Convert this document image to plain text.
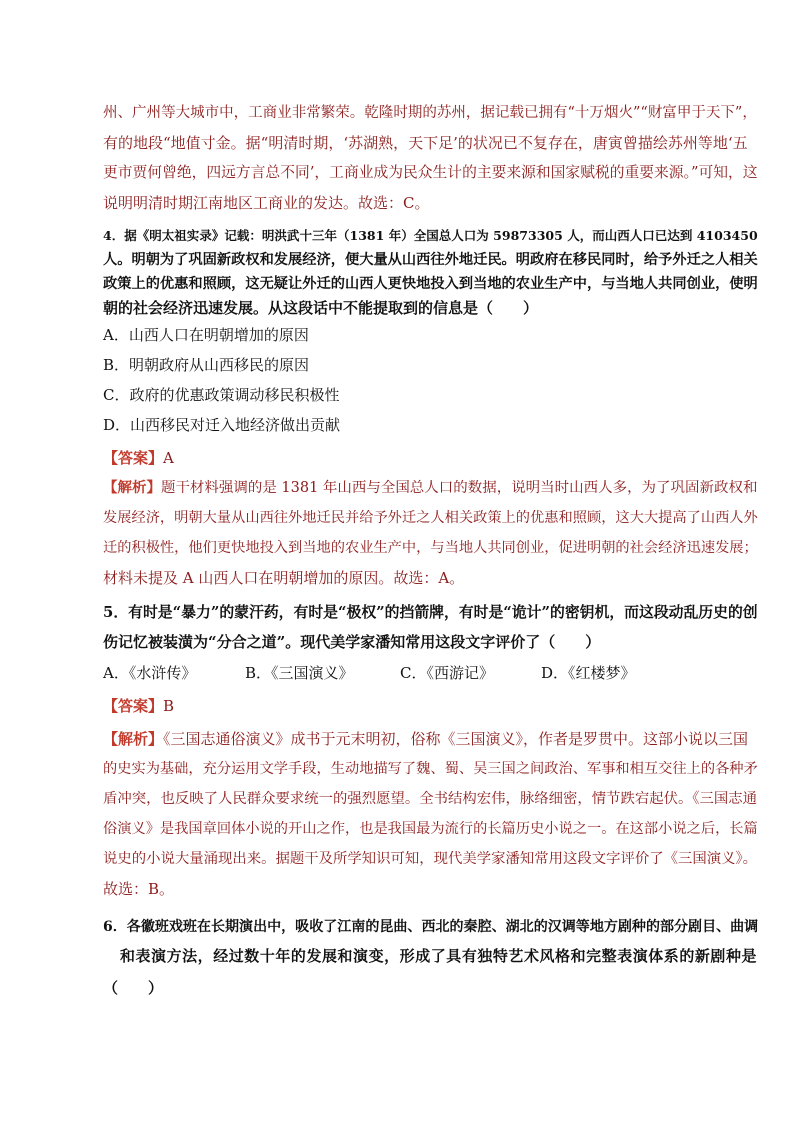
州、广州等大城市中，工商业非常繁荣。乾隆时期的苏州，据记载已拥有“十万烟火”“财富甲于天下”，
有的地段“地值寸金。据“明清时期，‘苏湖熟，天下足’的状况已不复存在，唐寅曾描绘苏州等地‘五
更市贾何曾绝，四远方言总不同’，工商业成为民众生计的主要来源和国家赋税的重要来源。”可知，这
说明明清时期江南地区工商业的发达。故选：C。
4．据《明太祖实录》记载：明洪武十三年（1381 年）全国总人口为 59873305 人，而山西人口已达到 4103450
人。明朝为了巩固新政权和发展经济，便大量从山西往外地迁民。明政府在移民同时，给予外迁之人相关
政策上的优惠和照顾，这无疑让外迁的山西人更快地投入到当地的农业生产中，与当地人共同创业，使明
朝的社会经济迅速发展。从这段话中不能提取到的信息是（　　）
A．山西人口在明朝增加的原因
B．明朝政府从山西移民的原因
C．政府的优惠政策调动移民积极性
D．山西移民对迁入地经济做出贡献
【答案】A
【解析】题干材料强调的是 1381 年山西与全国总人口的数据，说明当时山西人多，为了巩固新政权和
发展经济，明朝大量从山西往外地迁民并给予外迁之人相关政策上的优惠和照顾，这大大提高了山西人外
迁的积极性，他们更快地投入到当地的农业生产中，与当地人共同创业，促进明朝的社会经济迅速发展；
材料未提及 A 山西人口在明朝增加的原因。故选：A。
5．有时是“暴力”的蒙汗药，有时是“极权”的挡箭牌，有时是“诡计”的密钥机，而这段动乱历史的创
伤记忆被装潢为“分合之道”。现代美学家潘知常用这段文字评价了（　　）
A．《水浒传》	B．《三国演义》	C．《西游记》	D．《红楼梦》
【答案】B
【解析】《三国志通俗演义》成书于元末明初，俗称《三国演义》，作者是罗贯中。这部小说以三国
的史实为基础，充分运用文学手段，生动地描写了魏、蜀、吴三国之间政治、军事和相互交往上的各种矛
盾冲突，也反映了人民群众要求统一的强烈愿望。全书结构宏伟，脉络细密，情节跌宕起伏。《三国志通
俗演义》是我国章回体小说的开山之作，也是我国最为流行的长篇历史小说之一。在这部小说之后，长篇
说史的小说大量涌现出来。据题干及所学知识可知，现代美学家潘知常用这段文字评价了《三国演义》。
故选：B。
6．各徽班戏班在长期演出中，吸收了江南的昆曲、西北的秦腔、湖北的汉调等地方剧种的部分剧目、曲调
和表演方法，经过数十年的发展和演变，形成了具有独特艺术风格和完整表演体系的新剧种是
（　　）
